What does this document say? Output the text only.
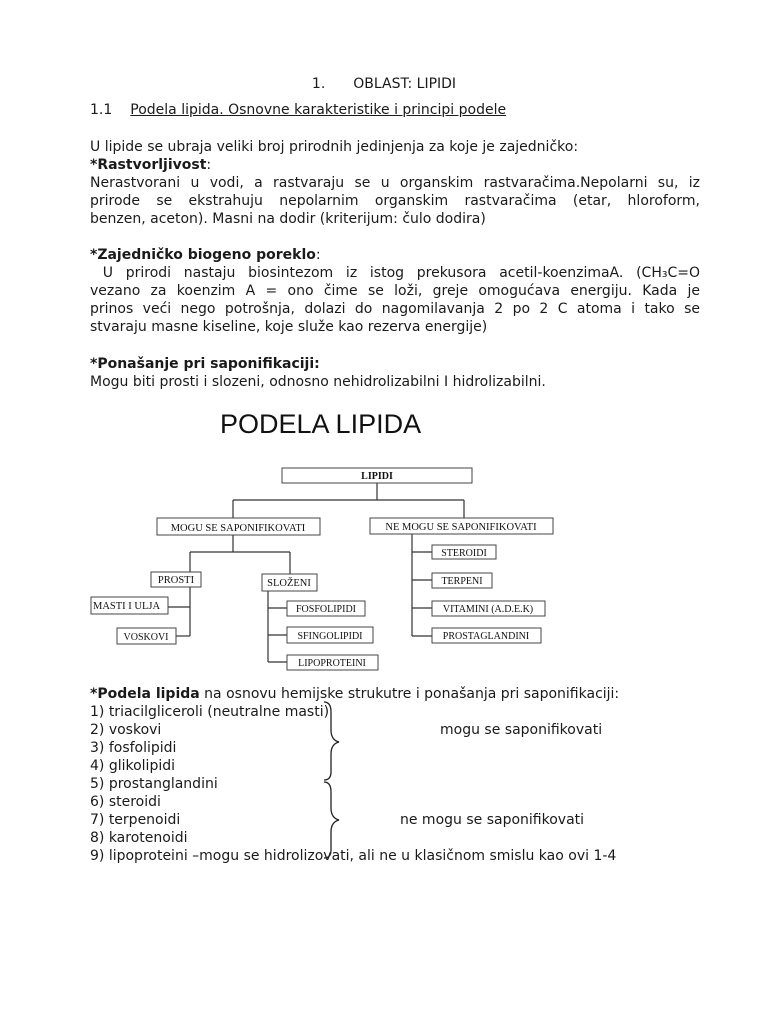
1. OBLAST: LIPIDI

1.1 Podela lipida. Osnovne karakteristike i principi podele

U lipide se ubraja veliki broj prirodnih jedinjenja za koje je zajedničko:

*Rastvorljivost:

Nerastvorani u vodi, a rastvaraju se u organskim rastvaračima.Nepolarni su, iz

prirode se ekstrahuju nepolarnim organskim rastvaračima (etar, hloroform,

benzen, aceton). Masni na dodir (kriterijum: čulo dodira)

*Zajedničko biogeno poreklo:

U prirodi nastaju biosintezom iz istog prekusora acetil-koenzimaA. (CH₃C=O

vezano za koenzim A = ono čime se loži, greje omogućava energiju. Kada je

prinos veći nego potrošnja, dolazi do nagomilavanja 2 po 2 C atoma i tako se

stvaraju masne kiseline, koje služe kao rezerva energije)

*Ponašanje pri saponifikaciji:

Mogu biti prosti i slozeni, odnosno nehidrolizabilni I hidrolizabilni.

PODELA LIPIDA
LIPIDI
MOGU SE SAPONIFIKOVATI	NE MOGU SE SAPONIFIKOVATI
PROSTI	SLOŽENI
MASTI I ULJA
VOSKOVI
FOSFOLIPIDI
SFINGOLIPIDI
LIPOPROTEINI
STEROIDI
TERPENI
VITAMINI (A.D.E.K)
PROSTAGLANDINI

*Podela lipida na osnovu hemijske strukutre i ponašanja pri saponifikaciji:

1) triacilgliceroli (neutralne masti)

2) voskovi

3) fosfolipidi

4) glikolipidi

5) prostanglandini

6) steroidi

7) terpenoidi

8) karotenoidi

9) lipoproteini –mogu se hidrolizovati, ali ne u klasičnom smislu kao ovi 1-4

mogu se saponifikovati

ne mogu se saponifikovati
